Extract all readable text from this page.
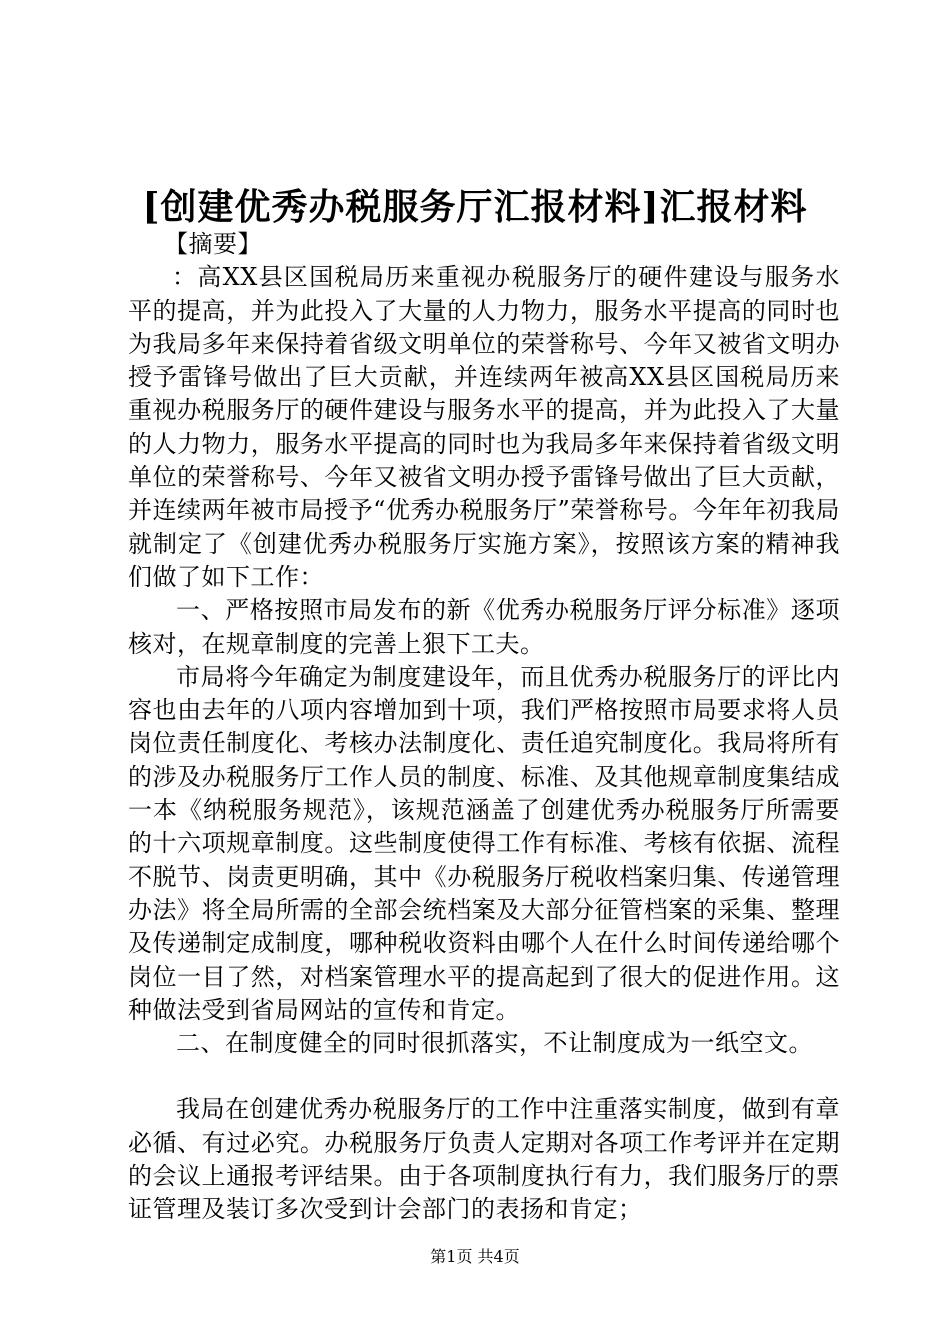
[创建优秀办税服务厅汇报材料]汇报材料

【摘要】

：高XX县区国税局历来重视办税服务厅的硬件建设与服务水平的提高，并为此投入了大量的人力物力，服务水平提高的同时也为我局多年来保持着省级文明单位的荣誉称号、今年又被省文明办授予雷锋号做出了巨大贡献，并连续两年被高XX县区国税局历来重视办税服务厅的硬件建设与服务水平的提高，并为此投入了大量的人力物力，服务水平提高的同时也为我局多年来保持着省级文明单位的荣誉称号、今年又被省文明办授予雷锋号做出了巨大贡献，并连续两年被市局授予“优秀办税服务厅”荣誉称号。今年年初我局就制定了《创建优秀办税服务厅实施方案》，按照该方案的精神我们做了如下工作：

一、严格按照市局发布的新《优秀办税服务厅评分标准》逐项核对，在规章制度的完善上狠下工夫。

市局将今年确定为制度建设年，而且优秀办税服务厅的评比内容也由去年的八项内容增加到十项，我们严格按照市局要求将人员岗位责任制度化、考核办法制度化、责任追究制度化。我局将所有的涉及办税服务厅工作人员的制度、标准、及其他规章制度集结成一本《纳税服务规范》，该规范涵盖了创建优秀办税服务厅所需要的十六项规章制度。这些制度使得工作有标准、考核有依据、流程不脱节、岗责更明确，其中《办税服务厅税收档案归集、传递管理办法》将全局所需的全部会统档案及大部分征管档案的采集、整理及传递制定成制度，哪种税收资料由哪个人在什么时间传递给哪个岗位一目了然，对档案管理水平的提高起到了很大的促进作用。这种做法受到省局网站的宣传和肯定。

二、在制度健全的同时很抓落实，不让制度成为一纸空文。

我局在创建优秀办税服务厅的工作中注重落实制度，做到有章必循、有过必究。办税服务厅负责人定期对各项工作考评并在定期的会议上通报考评结果。由于各项制度执行有力，我们服务厅的票证管理及装订多次受到计会部门的表扬和肯定；

第1页 共4页
